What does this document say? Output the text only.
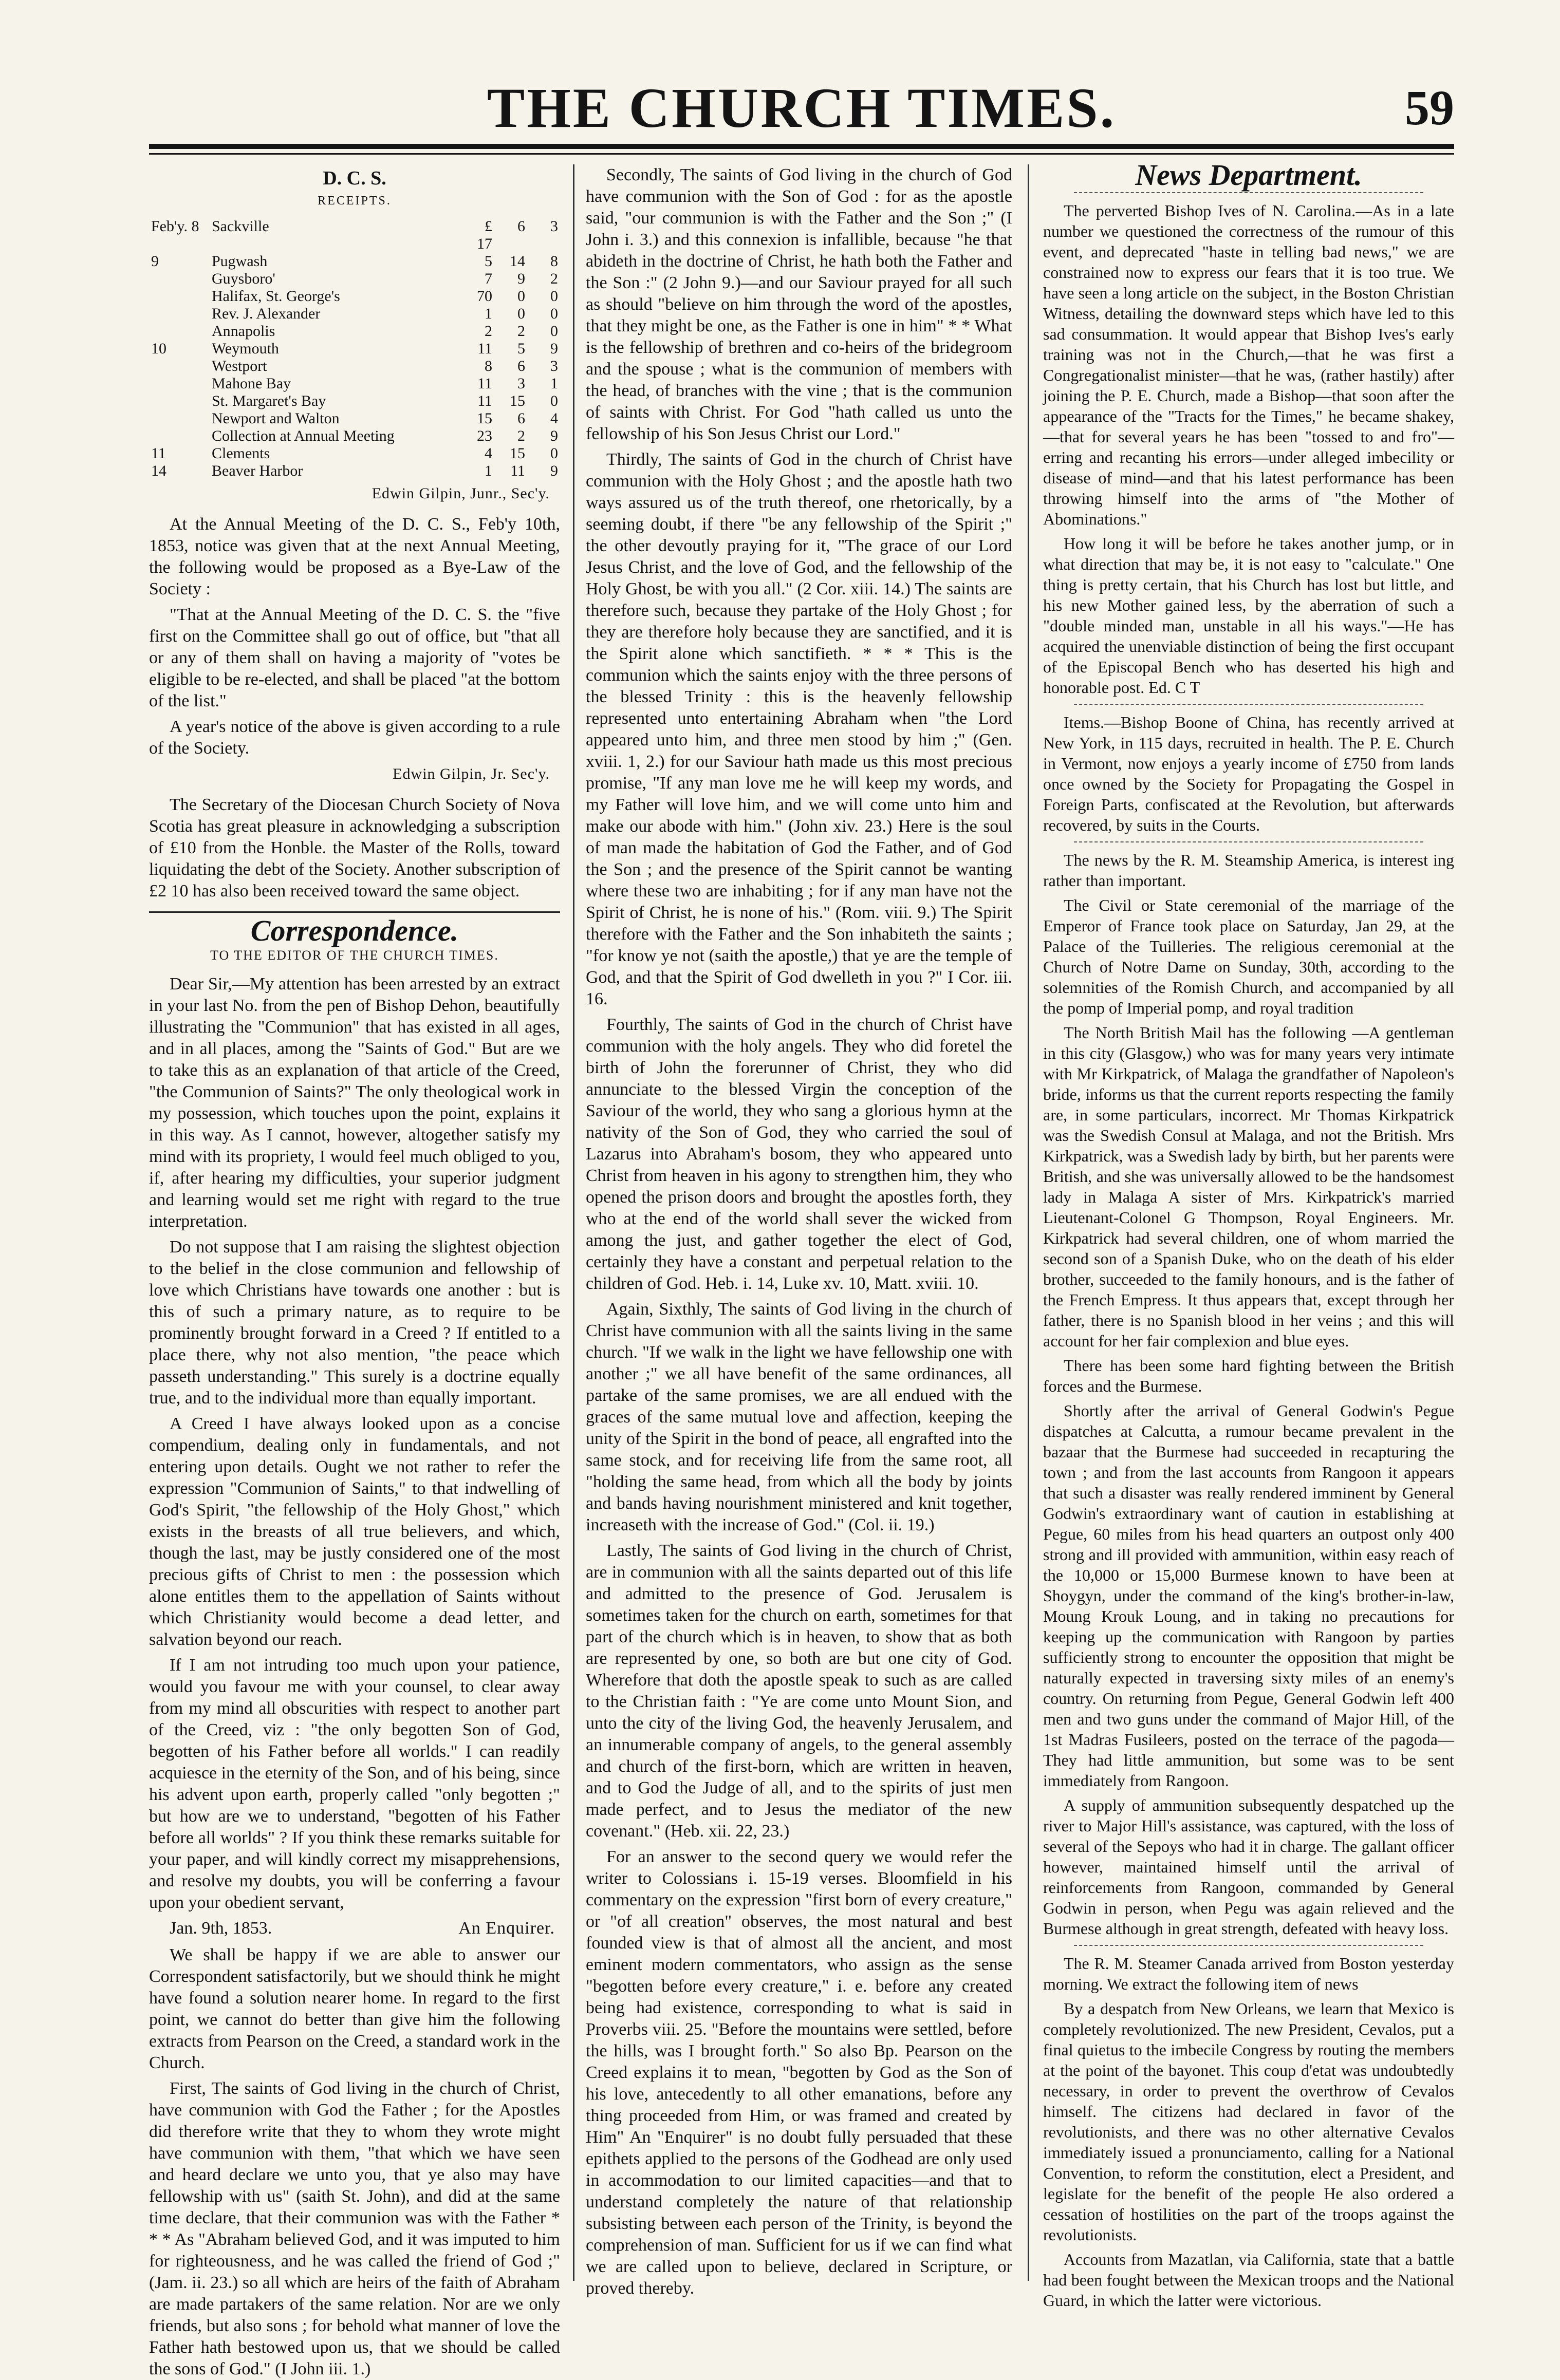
THE CHURCH TIMES.	59
D. C. S.
RECEIPTS.
Feb'y. 8	Sackville	£ 17	6	3
9	Pugwash	5	14	8
	Guysboro'	7	9	2
	Halifax, St. George's	70	0	0
	Rev. J. Alexander	1	0	0
	Annapolis	2	2	0
10	Weymouth	11	5	9
	Westport	8	6	3
	Mahone Bay	11	3	1
	St. Margaret's Bay	11	15	0
	Newport and Walton	15	6	4
	Collection at Annual Meeting	23	2	9
11	Clements	4	15	0
14	Beaver Harbor	1	11	9
Edwin Gilpin, Junr., Sec'y.

At the Annual Meeting of the D. C. S., Feb'y 10th, 1853, notice was given that at the next Annual Meeting, the following would be proposed as a Bye-Law of the Society :

"That at the Annual Meeting of the D. C. S. the "five first on the Committee shall go out of office, but "that all or any of them shall on having a majority of "votes be eligible to be re-elected, and shall be placed "at the bottom of the list."

A year's notice of the above is given according to a rule of the Society.

Edwin Gilpin, Jr. Sec'y.

The Secretary of the Diocesan Church Society of Nova Scotia has great pleasure in acknowledging a subscription of £10 from the Honble. the Master of the Rolls, toward liquidating the debt of the Society. Another subscription of £2 10 has also been received toward the same object.

Correspondence.
TO THE EDITOR OF THE CHURCH TIMES.

Dear Sir,—My attention has been arrested by an extract in your last No. from the pen of Bishop Dehon, beautifully illustrating the "Communion" that has existed in all ages, and in all places, among the "Saints of God." But are we to take this as an explanation of that article of the Creed, "the Communion of Saints?" The only theological work in my possession, which touches upon the point, explains it in this way. As I cannot, however, altogether satisfy my mind with its propriety, I would feel much obliged to you, if, after hearing my difficulties, your superior judgment and learning would set me right with regard to the true interpretation.

Do not suppose that I am raising the slightest objection to the belief in the close communion and fellowship of love which Christians have towards one another : but is this of such a primary nature, as to require to be prominently brought forward in a Creed ? If entitled to a place there, why not also mention, "the peace which passeth understanding." This surely is a doctrine equally true, and to the individual more than equally important.

A Creed I have always looked upon as a concise compendium, dealing only in fundamentals, and not entering upon details. Ought we not rather to refer the expression "Communion of Saints," to that indwelling of God's Spirit, "the fellowship of the Holy Ghost," which exists in the breasts of all true believers, and which, though the last, may be justly considered one of the most precious gifts of Christ to men : the possession which alone entitles them to the appellation of Saints without which Christianity would become a dead letter, and salvation beyond our reach.

If I am not intruding too much upon your patience, would you favour me with your counsel, to clear away from my mind all obscurities with respect to another part of the Creed, viz : "the only begotten Son of God, begotten of his Father before all worlds." I can readily acquiesce in the eternity of the Son, and of his being, since his advent upon earth, properly called "only begotten ;" but how are we to understand, "begotten of his Father before all worlds" ? If you think these remarks suitable for your paper, and will kindly correct my misapprehensions, and resolve my doubts, you will be conferring a favour upon your obedient servant,

Jan. 9th, 1853.	An Enquirer.

We shall be happy if we are able to answer our Correspondent satisfactorily, but we should think he might have found a solution nearer home. In regard to the first point, we cannot do better than give him the following extracts from Pearson on the Creed, a standard work in the Church.

First, The saints of God living in the church of Christ, have communion with God the Father ; for the Apostles did therefore write that they to whom they wrote might have communion with them, "that which we have seen and heard declare we unto you, that ye also may have fellowship with us" (saith St. John), and did at the same time declare, that their communion was with the Father * * * As "Abraham believed God, and it was imputed to him for righteousness, and he was called the friend of God ;" (Jam. ii. 23.) so all which are heirs of the faith of Abraham are made partakers of the same relation. Nor are we only friends, but also sons ; for behold what manner of love the Father hath bestowed upon us, that we should be called the sons of God." (I John iii. 1.)

Secondly, The saints of God living in the church of God have communion with the Son of God : for as the apostle said, "our communion is with the Father and the Son ;" (I John i. 3.) and this connexion is infallible, because "he that abideth in the doctrine of Christ, he hath both the Father and the Son :" (2 John 9.)—and our Saviour prayed for all such as should "believe on him through the word of the apostles, that they might be one, as the Father is one in him" * * What is the fellowship of brethren and co-heirs of the bridegroom and the spouse ; what is the communion of members with the head, of branches with the vine ; that is the communion of saints with Christ. For God "hath called us unto the fellowship of his Son Jesus Christ our Lord."

Thirdly, The saints of God in the church of Christ have communion with the Holy Ghost ; and the apostle hath two ways assured us of the truth thereof, one rhetorically, by a seeming doubt, if there "be any fellowship of the Spirit ;" the other devoutly praying for it, "The grace of our Lord Jesus Christ, and the love of God, and the fellowship of the Holy Ghost, be with you all." (2 Cor. xiii. 14.) The saints are therefore such, because they partake of the Holy Ghost ; for they are therefore holy because they are sanctified, and it is the Spirit alone which sanctifieth. * * * This is the communion which the saints enjoy with the three persons of the blessed Trinity : this is the heavenly fellowship represented unto entertaining Abraham when "the Lord appeared unto him, and three men stood by him ;" (Gen. xviii. 1, 2.) for our Saviour hath made us this most precious promise, "If any man love me he will keep my words, and my Father will love him, and we will come unto him and make our abode with him." (John xiv. 23.) Here is the soul of man made the habitation of God the Father, and of God the Son ; and the presence of the Spirit cannot be wanting where these two are inhabiting ; for if any man have not the Spirit of Christ, he is none of his." (Rom. viii. 9.) The Spirit therefore with the Father and the Son inhabiteth the saints ; "for know ye not (saith the apostle,) that ye are the temple of God, and that the Spirit of God dwelleth in you ?" I Cor. iii. 16.

Fourthly, The saints of God in the church of Christ have communion with the holy angels. They who did foretel the birth of John the forerunner of Christ, they who did annunciate to the blessed Virgin the conception of the Saviour of the world, they who sang a glorious hymn at the nativity of the Son of God, they who carried the soul of Lazarus into Abraham's bosom, they who appeared unto Christ from heaven in his agony to strengthen him, they who opened the prison doors and brought the apostles forth, they who at the end of the world shall sever the wicked from among the just, and gather together the elect of God, certainly they have a constant and perpetual relation to the children of God. Heb. i. 14, Luke xv. 10, Matt. xviii. 10.

Again, Sixthly, The saints of God living in the church of Christ have communion with all the saints living in the same church. "If we walk in the light we have fellowship one with another ;" we all have benefit of the same ordinances, all partake of the same promises, we are all endued with the graces of the same mutual love and affection, keeping the unity of the Spirit in the bond of peace, all engrafted into the same stock, and for receiving life from the same root, all "holding the same head, from which all the body by joints and bands having nourishment ministered and knit together, increaseth with the increase of God." (Col. ii. 19.)

Lastly, The saints of God living in the church of Christ, are in communion with all the saints departed out of this life and admitted to the presence of God. Jerusalem is sometimes taken for the church on earth, sometimes for that part of the church which is in heaven, to show that as both are represented by one, so both are but one city of God. Wherefore that doth the apostle speak to such as are called to the Christian faith : "Ye are come unto Mount Sion, and unto the city of the living God, the heavenly Jerusalem, and an innumerable company of angels, to the general assembly and church of the first-born, which are written in heaven, and to God the Judge of all, and to the spirits of just men made perfect, and to Jesus the mediator of the new covenant." (Heb. xii. 22, 23.)

For an answer to the second query we would refer the writer to Colossians i. 15-19 verses. Bloomfield in his commentary on the expression "first born of every creature," or "of all creation" observes, the most natural and best founded view is that of almost all the ancient, and most eminent modern commentators, who assign as the sense "begotten before every creature," i. e. before any created being had existence, corresponding to what is said in Proverbs viii. 25. "Before the mountains were settled, before the hills, was I brought forth." So also Bp. Pearson on the Creed explains it to mean, "begotten by God as the Son of his love, antecedently to all other emanations, before any thing proceeded from Him, or was framed and created by Him" An "Enquirer" is no doubt fully persuaded that these epithets applied to the persons of the Godhead are only used in accommodation to our limited capacities—and that to understand completely the nature of that relationship subsisting between each person of the Trinity, is beyond the comprehension of man. Sufficient for us if we can find what we are called upon to believe, declared in Scripture, or proved thereby.

News Department.

The perverted Bishop Ives of N. Carolina.—As in a late number we questioned the correctness of the rumour of this event, and deprecated "haste in telling bad news," we are constrained now to express our fears that it is too true. We have seen a long article on the subject, in the Boston Christian Witness, detailing the downward steps which have led to this sad consummation. It would appear that Bishop Ives's early training was not in the Church,—that he was first a Congregationalist minister—that he was, (rather hastily) after joining the P. E. Church, made a Bishop—that soon after the appearance of the "Tracts for the Times," he became shakey,—that for several years he has been "tossed to and fro"—erring and recanting his errors—under alleged imbecility or disease of mind—and that his latest performance has been throwing himself into the arms of "the Mother of Abominations."

How long it will be before he takes another jump, or in what direction that may be, it is not easy to "calculate." One thing is pretty certain, that his Church has lost but little, and his new Mother gained less, by the aberration of such a "double minded man, unstable in all his ways."—He has acquired the unenviable distinction of being the first occupant of the Episcopal Bench who has deserted his high and honorable post. Ed. C T

Items.—Bishop Boone of China, has recently arrived at New York, in 115 days, recruited in health. The P. E. Church in Vermont, now enjoys a yearly income of £750 from lands once owned by the Society for Propagating the Gospel in Foreign Parts, confiscated at the Revolution, but afterwards recovered, by suits in the Courts.

The news by the R. M. Steamship America, is interest ing rather than important.

The Civil or State ceremonial of the marriage of the Emperor of France took place on Saturday, Jan 29, at the Palace of the Tuilleries. The religious ceremonial at the Church of Notre Dame on Sunday, 30th, according to the solemnities of the Romish Church, and accompanied by all the pomp of Imperial pomp, and royal tradition

The North British Mail has the following —A gentleman in this city (Glasgow,) who was for many years very intimate with Mr Kirkpatrick, of Malaga the grandfather of Napoleon's bride, informs us that the current reports respecting the family are, in some particulars, incorrect. Mr Thomas Kirkpatrick was the Swedish Consul at Malaga, and not the British. Mrs Kirkpatrick, was a Swedish lady by birth, but her parents were British, and she was universally allowed to be the handsomest lady in Malaga A sister of Mrs. Kirkpatrick's married Lieutenant-Colonel G Thompson, Royal Engineers. Mr. Kirkpatrick had several children, one of whom married the second son of a Spanish Duke, who on the death of his elder brother, succeeded to the family honours, and is the father of the French Empress. It thus appears that, except through her father, there is no Spanish blood in her veins ; and this will account for her fair complexion and blue eyes.

There has been some hard fighting between the British forces and the Burmese.

Shortly after the arrival of General Godwin's Pegue dispatches at Calcutta, a rumour became prevalent in the bazaar that the Burmese had succeeded in recapturing the town ; and from the last accounts from Rangoon it appears that such a disaster was really rendered imminent by General Godwin's extraordinary want of caution in establishing at Pegue, 60 miles from his head quarters an outpost only 400 strong and ill provided with ammunition, within easy reach of the 10,000 or 15,000 Burmese known to have been at Shoygyn, under the command of the king's brother-in-law, Moung Krouk Loung, and in taking no precautions for keeping up the communication with Rangoon by parties sufficiently strong to encounter the opposition that might be naturally expected in traversing sixty miles of an enemy's country. On returning from Pegue, General Godwin left 400 men and two guns under the command of Major Hill, of the 1st Madras Fusileers, posted on the terrace of the pagoda—They had little ammunition, but some was to be sent immediately from Rangoon.

A supply of ammunition subsequently despatched up the river to Major Hill's assistance, was captured, with the loss of several of the Sepoys who had it in charge. The gallant officer however, maintained himself until the arrival of reinforcements from Rangoon, commanded by General Godwin in person, when Pegu was again relieved and the Burmese although in great strength, defeated with heavy loss.

The R. M. Steamer Canada arrived from Boston yesterday morning. We extract the following item of news

By a despatch from New Orleans, we learn that Mexico is completely revolutionized. The new President, Cevalos, put a final quietus to the imbecile Congress by routing the members at the point of the bayonet. This coup d'etat was undoubtedly necessary, in order to prevent the overthrow of Cevalos himself. The citizens had declared in favor of the revolutionists, and there was no other alternative Cevalos immediately issued a pronunciamento, calling for a National Convention, to reform the constitution, elect a President, and legislate for the benefit of the people He also ordered a cessation of hostilities on the part of the troops against the revolutionists.

Accounts from Mazatlan, via California, state that a battle had been fought between the Mexican troops and the National Guard, in which the latter were victorious.
